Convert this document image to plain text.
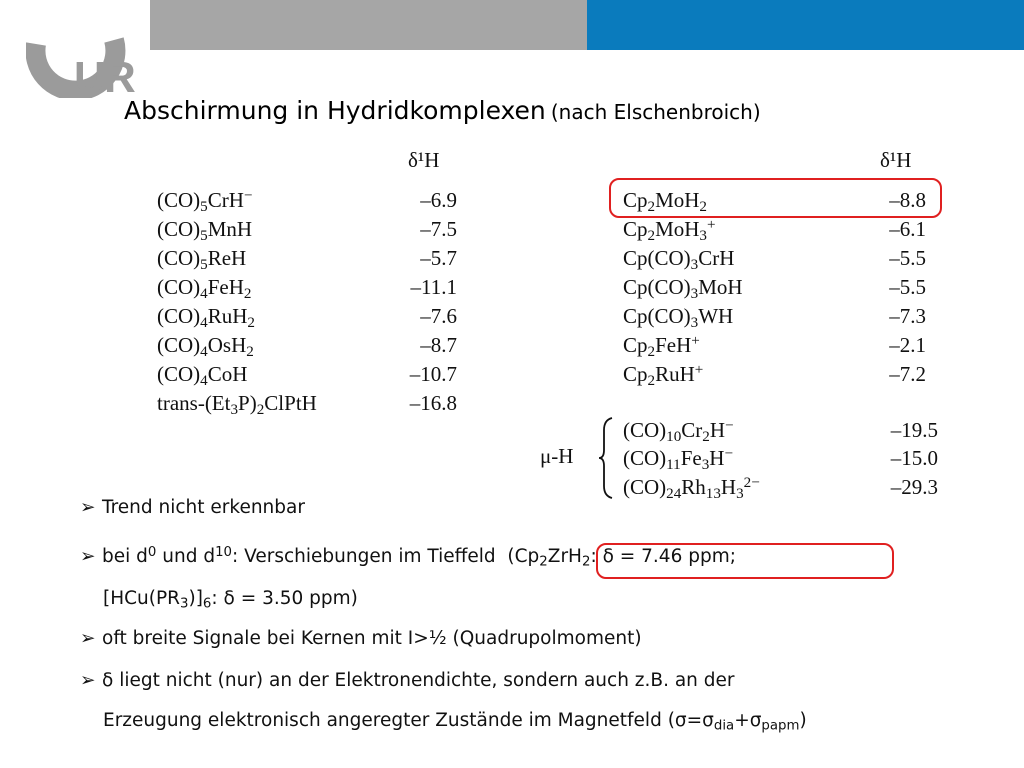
U
R
Abschirmung in Hydridkomplexen (nach Elschenbroich)
δ¹H	δ¹H
$(CO)_5CrH^-$	–6.9
$(CO)_5MnH$	–7.5
$(CO)_5ReH$	–5.7
$(CO)_4FeH_2$	–11.1
$(CO)_4RuH_2$	–7.6
$(CO)_4OsH_2$	–8.7
$(CO)_4CoH$	–10.7
trans-$(Et_3P)_2ClPtH$	–16.8
$Cp_2MoH_2$	–8.8
$Cp_2MoH_3^+$	–6.1
$Cp(CO)_3CrH$	–5.5
$Cp(CO)_3MoH$	–5.5
$Cp(CO)_3WH$	–7.3
$Cp_2FeH^+$	–2.1
$Cp_2RuH^+$	–7.2
μ-H
$(CO)_{10}Cr_2H^-$	–19.5
$(CO)_{11}Fe_3H^-$	–15.0
$(CO)_{24}Rh_{13}H_3^{2-}$	–29.3
➢ Trend nicht erkennbar
➢ bei $d^0$ und $d^{10}$: Verschiebungen im Tieffeld  ($Cp_2ZrH_2$: δ = 7.46 ppm;
$[HCu(PR_3)]_6$: δ = 3.50 ppm)
➢ oft breite Signale bei Kernen mit I>½ (Quadrupolmoment)
➢ δ liegt nicht (nur) an der Elektronendichte, sondern auch z.B. an der
Erzeugung elektronisch angeregter Zustände im Magnetfeld $(\sigma=\sigma_{dia}+\sigma_{papm})$
